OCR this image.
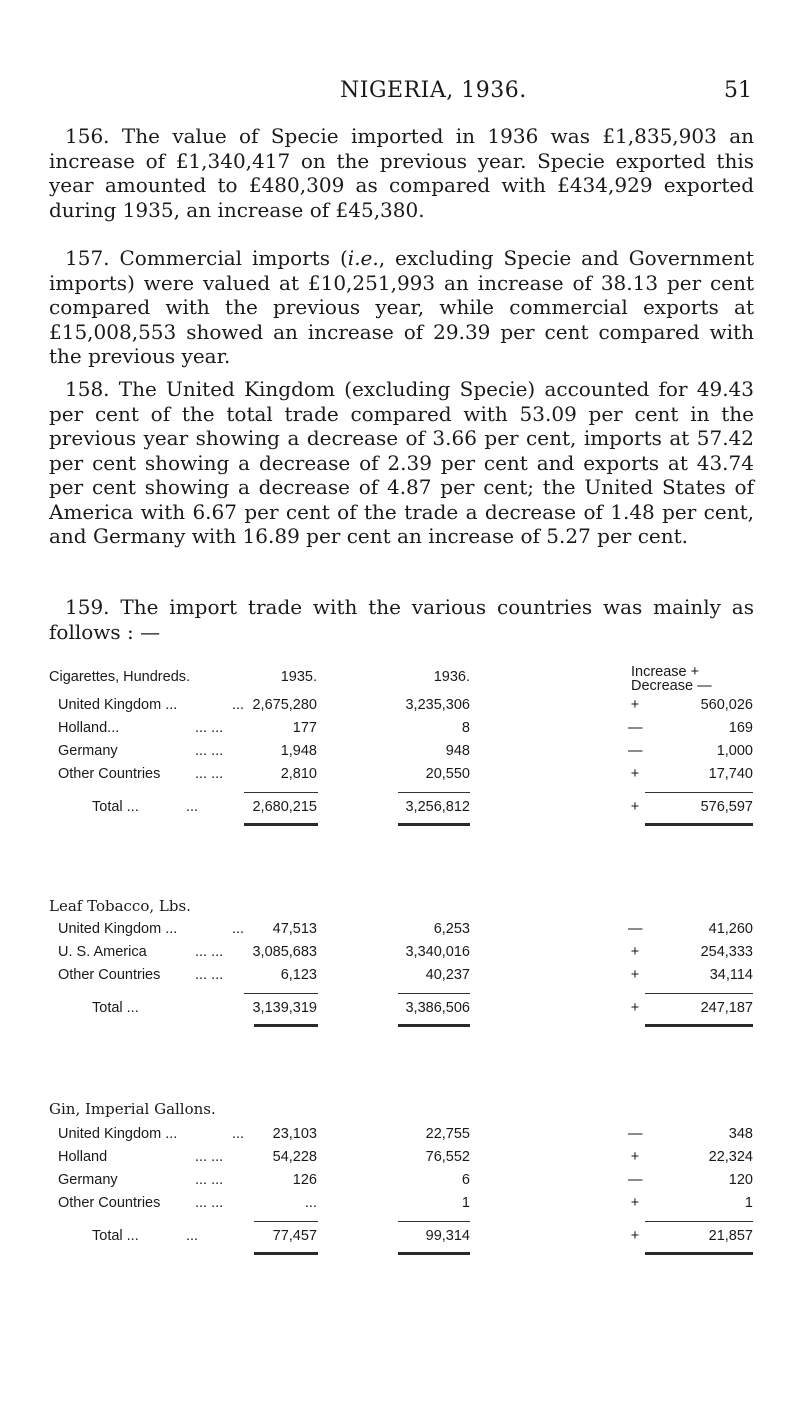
NIGERIA, 1936.	51

156. The value of Specie imported in 1936 was £1,835,903 an increase of £1,340,417 on the previous year. Specie exported this year amounted to £480,309 as compared with £434,929 exported during 1935, an increase of £45,380.

157. Commercial imports (i.e., excluding Specie and Government imports) were valued at £10,251,993 an increase of 38.13 per cent compared with the previous year, while commercial exports at £15,008,553 showed an increase of 29.39 per cent compared with the previous year.

158. The United Kingdom (excluding Specie) accounted for 49.43 per cent of the total trade compared with 53.09 per cent in the previous year showing a decrease of 3.66 per cent, imports at 57.42 per cent showing a decrease of 2.39 per cent and exports at 43.74 per cent showing a decrease of 4.87 per cent; the United States of America with 6.67 per cent of the trade a decrease of 1.48 per cent, and Germany with 16.89 per cent an increase of 5.27 per cent.

159. The import trade with the various countries was mainly as follows : —

Cigarettes, Hundreds.	1935.	1936.	Increase +
Decrease —
United Kingdom ...	... 2,675,280	3,235,306	+	560,026
Holland...	... ...	177	8	—	169
Germany	... ...	1,948	948	—	1,000
Other Countries ... ...	2,810	20,550	+	17,740
Total ...	...	2,680,215	3,256,812	+	576,597
Leaf Tobacco, Lbs.
United Kingdom ...	... 47,513	6,253	—	41,260
U. S. America	... ... 3,085,683	3,340,016	+	254,333
Other Countries ... ...	6,123	40,237	+	34,114
Total ...	3,139,319	3,386,506	+	247,187
Gin, Imperial Gallons.
United Kingdom ...	... 23,103	22,755	—	348
Holland	... ...	54,228	76,552	+	22,324
Germany	... ...	126	6	—	120
Other Countries ... ...	...	1	+	1
Total ...	...	77,457	99,314	+	21,857
